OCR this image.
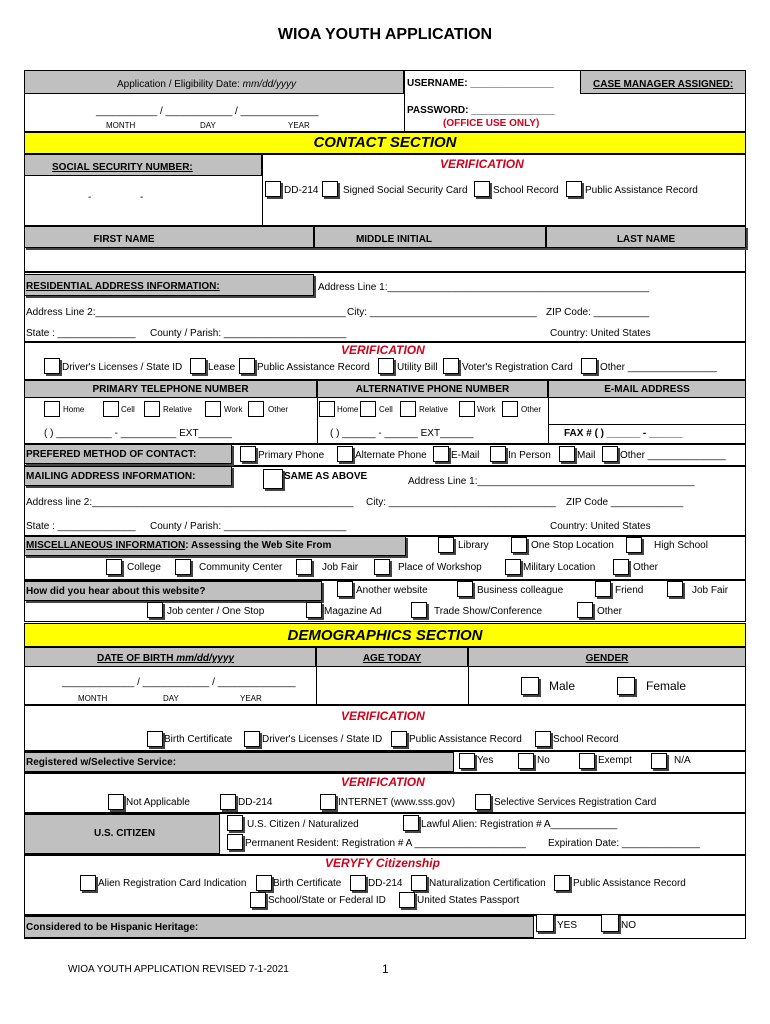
WIOA YOUTH APPLICATION
Application / Eligibility Date: mm/dd/yyyy
___________ / ____________ / ______________
MONTH	DAY	YEAR
USERNAME: _______________
PASSWORD: _______________
(OFFICE USE ONLY)
CASE MANAGER ASSIGNED:
CONTACT SECTION
SOCIAL SECURITY NUMBER:
-	-
VERIFICATION
DD-214 Signed Social Security Card	School Record	Public Assistance Record
FIRST NAME	MIDDLE INITIAL	LAST NAME
RESIDENTIAL ADDRESS INFORMATION:	Address Line 1:_______________________________________________
Address Line 2:_____________________________________________ City: ______________________________ ZIP Code: __________
State : ______________ County / Parish: ______________________	Country: United States
VERIFICATION
Driver's Licenses / State ID	Lease Public Assistance Record	Utility Bill Voter's Registration Card	Other ________________
PRIMARY TELEPHONE NUMBER	ALTERNATIVE PHONE NUMBER	E-MAIL ADDRESS
Home	Cell	Relative	Work	Other	Home	Cell	Relative	Work	Other
( ) __________ - __________ EXT______	( ) ______ - ______ EXT______	FAX # ( ) ______ - ______
PREFERED METHOD OF CONTACT:	Primary Phone	Alternate Phone E-Mail	In Person	Mail Other ______________
MAILING ADDRESS INFORMATION:	SAME AS ABOVE	Address Line 1:_______________________________________
Address line 2:_______________________________________________ City: ______________________________ ZIP Code _____________
State : ______________ County / Parish: ______________________	Country: United States
MISCELLANEOUS INFORMATION: Assessing the Web Site From	Library	One Stop Location	High School
College	Community Center	Job Fair	Place of Workshop	Military Location	Other
How did you hear about this website?	Another website	Business colleague	Friend	Job Fair
Job center / One Stop	Magazine Ad	Trade Show/Conference	Other
DEMOGRAPHICS SECTION
DATE OF BIRTH mm/dd/yyyy	AGE TODAY	GENDER
_____________ / ____________ / ______________
MONTH	DAY	YEAR
Male	Female
VERIFICATION
Birth Certificate	Driver's Licenses / State ID	Public Assistance Record	School Record
Registered w/Selective Service:	Yes	No	Exempt	N/A
VERIFICATION
Not Applicable	DD-214	INTERNET (www.sss.gov)	Selective Services Registration Card
U.S. CITIZEN
U.S. Citizen / Naturalized	Lawful Alien: Registration # A____________
Permanent Resident: Registration # A ____________________ Expiration Date: ______________
VERYFY Citizenship
Alien Registration Card Indication	Birth Certificate	DD-214	Naturalization Certification	Public Assistance Record
School/State or Federal ID	United States Passport
Considered to be Hispanic Heritage:	YES	NO
WIOA YOUTH APPLICATION REVISED 7-1-2021	1
